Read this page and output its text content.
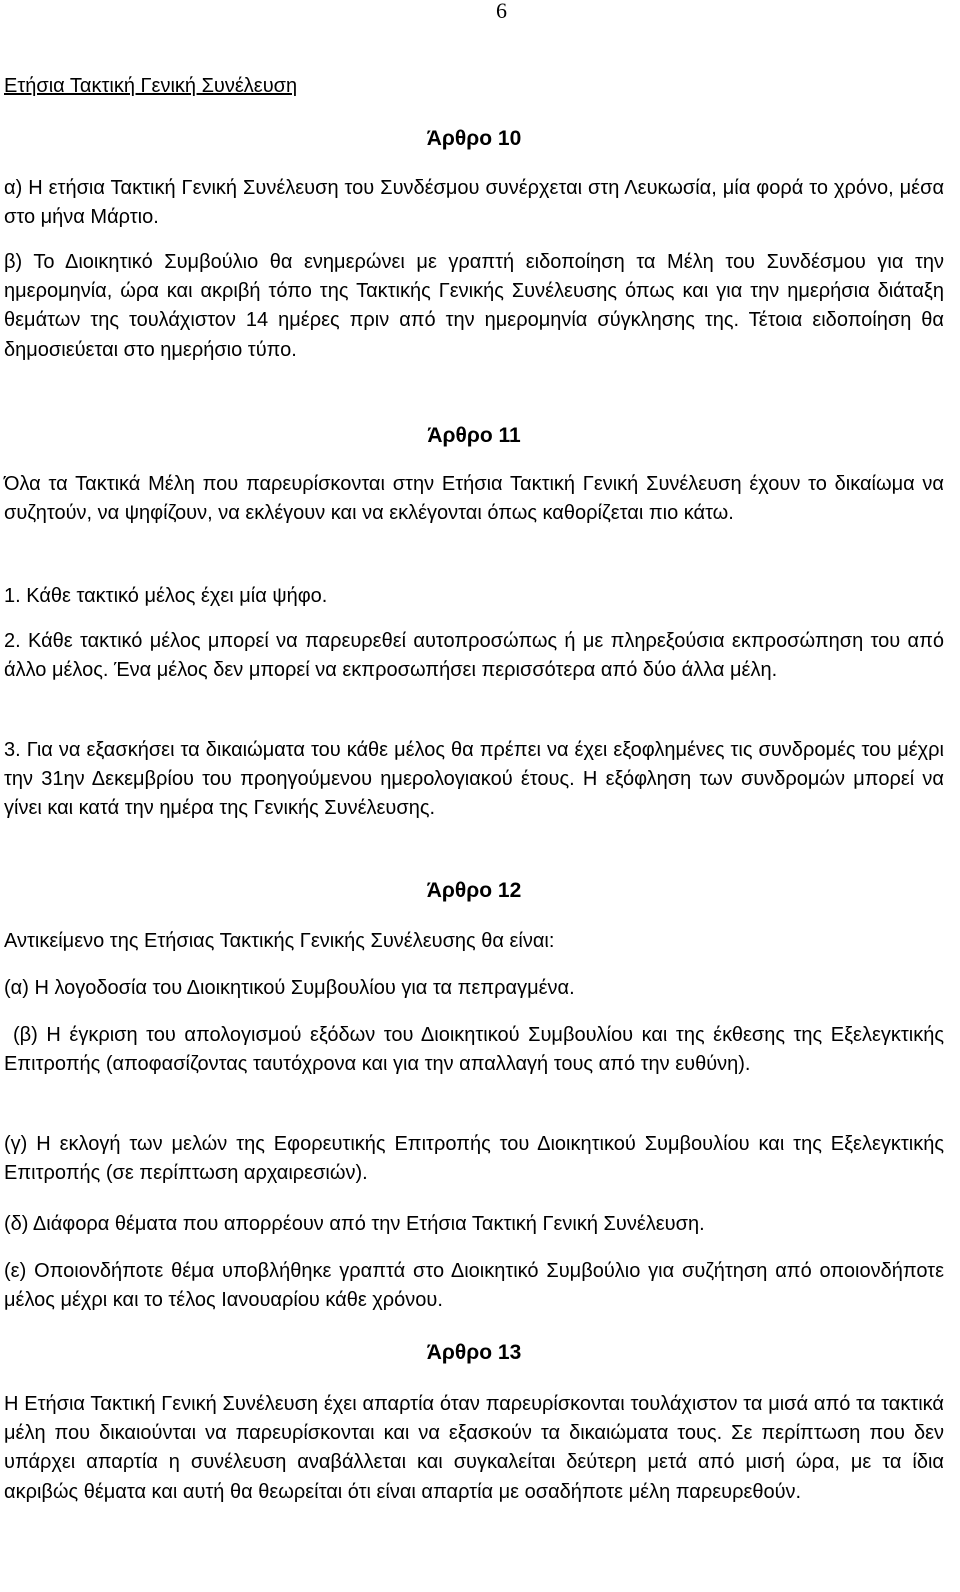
6
Ετήσια Τακτική Γενική Συνέλευση
Άρθρο 10

α) Η ετήσια Τακτική Γενική Συνέλευση του Συνδέσμου συνέρχεται στη Λευκωσία, μία φορά το χρόνο, μέσα στο μήνα Μάρτιο.

β) Το Διοικητικό Συμβούλιο θα ενημερώνει με γραπτή ειδοποίηση τα Μέλη του Συνδέσμου για την ημερομηνία, ώρα και ακριβή τόπο της Τακτικής Γενικής Συνέλευσης όπως και για την ημερήσια διάταξη θεμάτων της τουλάχιστον 14 ημέρες πριν από την ημερομηνία σύγκλησης της. Τέτοια ειδοποίηση θα δημοσιεύεται στο ημερήσιο τύπο.

Άρθρο 11

Όλα τα Τακτικά Μέλη που παρευρίσκονται στην Ετήσια Τακτική Γενική Συνέλευση έχουν το δικαίωμα να συζητούν, να ψηφίζουν, να εκλέγουν και να εκλέγονται όπως καθορίζεται πιο κάτω.

1. Κάθε τακτικό μέλος έχει μία ψήφο.

2. Κάθε τακτικό μέλος μπορεί να παρευρεθεί αυτοπροσώπως ή με πληρεξούσια εκπροσώπηση του από άλλο μέλος. Ένα μέλος δεν μπορεί να εκπροσωπήσει περισσότερα από δύο άλλα μέλη.

3. Για να εξασκήσει τα δικαιώματα του κάθε μέλος θα πρέπει να έχει εξοφλημένες τις συνδρομές του μέχρι την 31ην Δεκεμβρίου του προηγούμενου ημερολογιακού έτους. Η εξόφληση των συνδρομών μπορεί να γίνει και κατά την ημέρα της Γενικής Συνέλευσης.

Άρθρο 12

Αντικείμενο της Ετήσιας Τακτικής Γενικής Συνέλευσης θα είναι:

(α) Η λογοδοσία του Διοικητικού Συμβουλίου για τα πεπραγμένα.

(β) Η έγκριση του απολογισμού εξόδων του Διοικητικού Συμβουλίου και της έκθεσης της Εξελεγκτικής Επιτροπής (αποφασίζοντας ταυτόχρονα και για την απαλλαγή τους από την ευθύνη).

(γ) Η εκλογή των μελών της Εφορευτικής Επιτροπής του Διοικητικού Συμβουλίου και της Εξελεγκτικής Επιτροπής (σε περίπτωση αρχαιρεσιών).

(δ) Διάφορα θέματα που απορρέουν από την Ετήσια Τακτική Γενική Συνέλευση.

(ε) Οποιονδήποτε θέμα υποβλήθηκε γραπτά στο Διοικητικό Συμβούλιο για συζήτηση από οποιονδήποτε μέλος μέχρι και το τέλος Ιανουαρίου κάθε χρόνου.

Άρθρο 13

Η Ετήσια Τακτική Γενική Συνέλευση έχει απαρτία όταν παρευρίσκονται τουλάχιστον τα μισά από τα τακτικά μέλη που δικαιούνται να παρευρίσκονται και να εξασκούν τα δικαιώματα τους. Σε περίπτωση που δεν υπάρχει απαρτία η συνέλευση αναβάλλεται και συγκαλείται δεύτερη μετά από μισή ώρα, με τα ίδια ακριβώς θέματα και αυτή θα θεωρείται ότι είναι απαρτία με οσαδήποτε μέλη παρευρεθούν.
